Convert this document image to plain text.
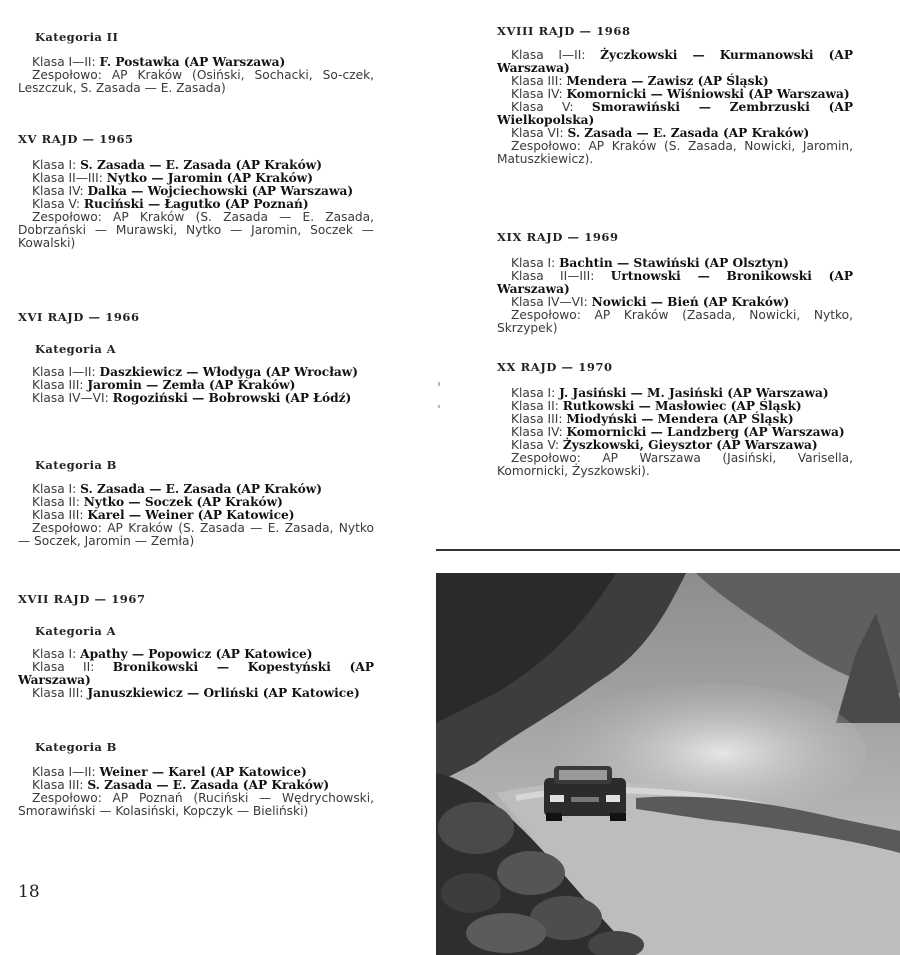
Kategoria II
Klasa I—II: F. Postawka (AP Warszawa)
Zespołowo: AP Kraków (Osiński, Sochacki, So-czek, Leszczuk, S. Zasada — E. Zasada)
XV RAJD — 1965
Klasa I: S. Zasada — E. Zasada (AP Kraków)
Klasa II—III: Nytko — Jaromin (AP Kraków)
Klasa IV: Dalka — Wojciechowski (AP Warszawa)
Klasa V: Ruciński — Łagutko (AP Poznań)
Zespołowo: AP Kraków (S. Zasada — E. Zasada, Dobrzański — Murawski, Nytko — Jaromin, Soczek — Kowalski)
XVI RAJD — 1966
Kategoria A
Klasa I—II: Daszkiewicz — Włodyga (AP Wrocław)
Klasa III: Jaromin — Zemła (AP Kraków)
Klasa IV—VI: Rogoziński — Bobrowski (AP Łódź)
Kategoria B
Klasa I: S. Zasada — E. Zasada (AP Kraków)
Klasa II: Nytko — Soczek (AP Kraków)
Klasa III: Karel — Weiner (AP Katowice)
Zespołowo: AP Kraków (S. Zasada — E. Zasada, Nytko — Soczek, Jaromin — Zemła)
XVII RAJD — 1967
Kategoria A
Klasa I: Apathy — Popowicz (AP Katowice)
Klasa II: Bronikowski — Kopestyński (AP Warszawa)
Klasa III: Januszkiewicz — Orliński (AP Katowice)
Kategoria B
Klasa I—II: Weiner — Karel (AP Katowice)
Klasa III: S. Zasada — E. Zasada (AP Kraków)
Zespołowo: AP Poznań (Ruciński — Wędrychowski, Smorawiński — Kolasiński, Kopczyk — Bieliński)
18
XVIII RAJD — 1968
Klasa I—II: Życzkowski — Kurmanowski (AP Warszawa)
Klasa III: Mendera — Zawisz (AP Śląsk)
Klasa IV: Komornicki — Wiśniowski (AP Warszawa)
Klasa V: Smorawiński — Zembrzuski (AP Wielkopolska)
Klasa VI: S. Zasada — E. Zasada (AP Kraków)
Zespołowo: AP Kraków (S. Zasada, Nowicki, Jaromin, Matuszkiewicz).
XIX RAJD — 1969
Klasa I: Bachtin — Stawiński (AP Olsztyn)
Klasa II—III: Urtnowski — Bronikowski (AP Warszawa)
Klasa IV—VI: Nowicki — Bień (AP Kraków)
Zespołowo: AP Kraków (Zasada, Nowicki, Nytko, Skrzypek)
XX RAJD — 1970
Klasa I: J. Jasiński — M. Jasiński (AP Warszawa)
Klasa II: Rutkowski — Masłowiec (AP Śląsk)
Klasa III: Miodyński — Mendera (AP Śląsk)
Klasa IV: Komornicki — Landzberg (AP Warszawa)
Klasa V: Żyszkowski, Gieysztor (AP Warszawa)
Zespołowo: AP Warszawa (Jasiński, Varisella, Komornicki, Żyszkowski).
